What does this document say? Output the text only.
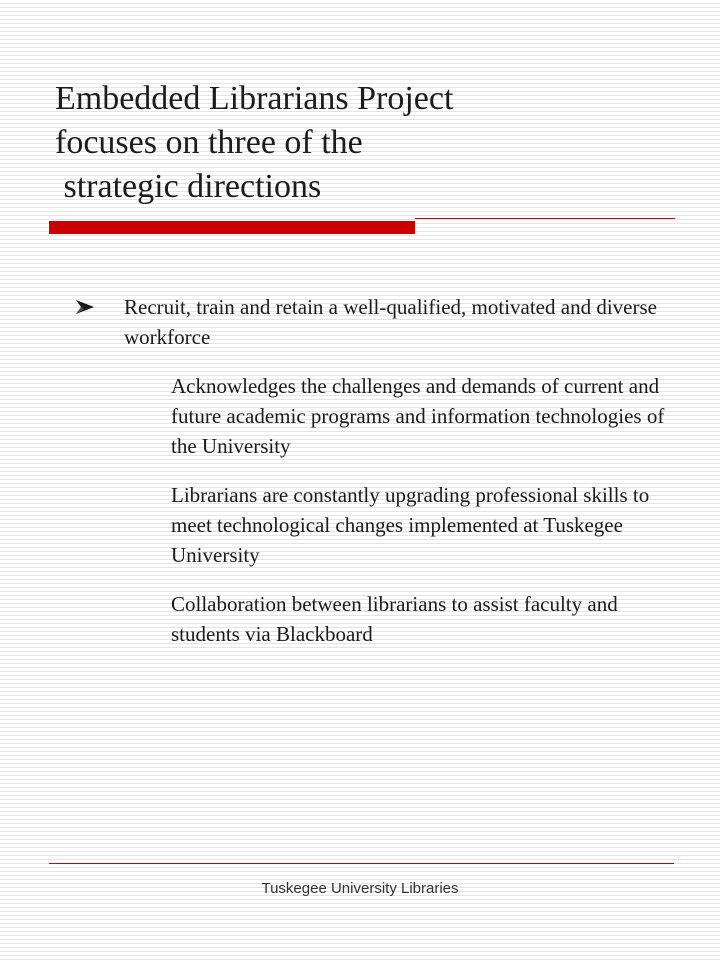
Embedded Librarians Project
focuses on three of the
strategic directions
Recruit, train and retain a well-qualified, motivated and diverse workforce
Acknowledges the challenges and demands of current and future academic programs and information technologies of the University
Librarians are constantly upgrading professional skills to meet technological changes implemented at Tuskegee University
Collaboration between librarians to assist faculty and students via Blackboard
Tuskegee University Libraries
